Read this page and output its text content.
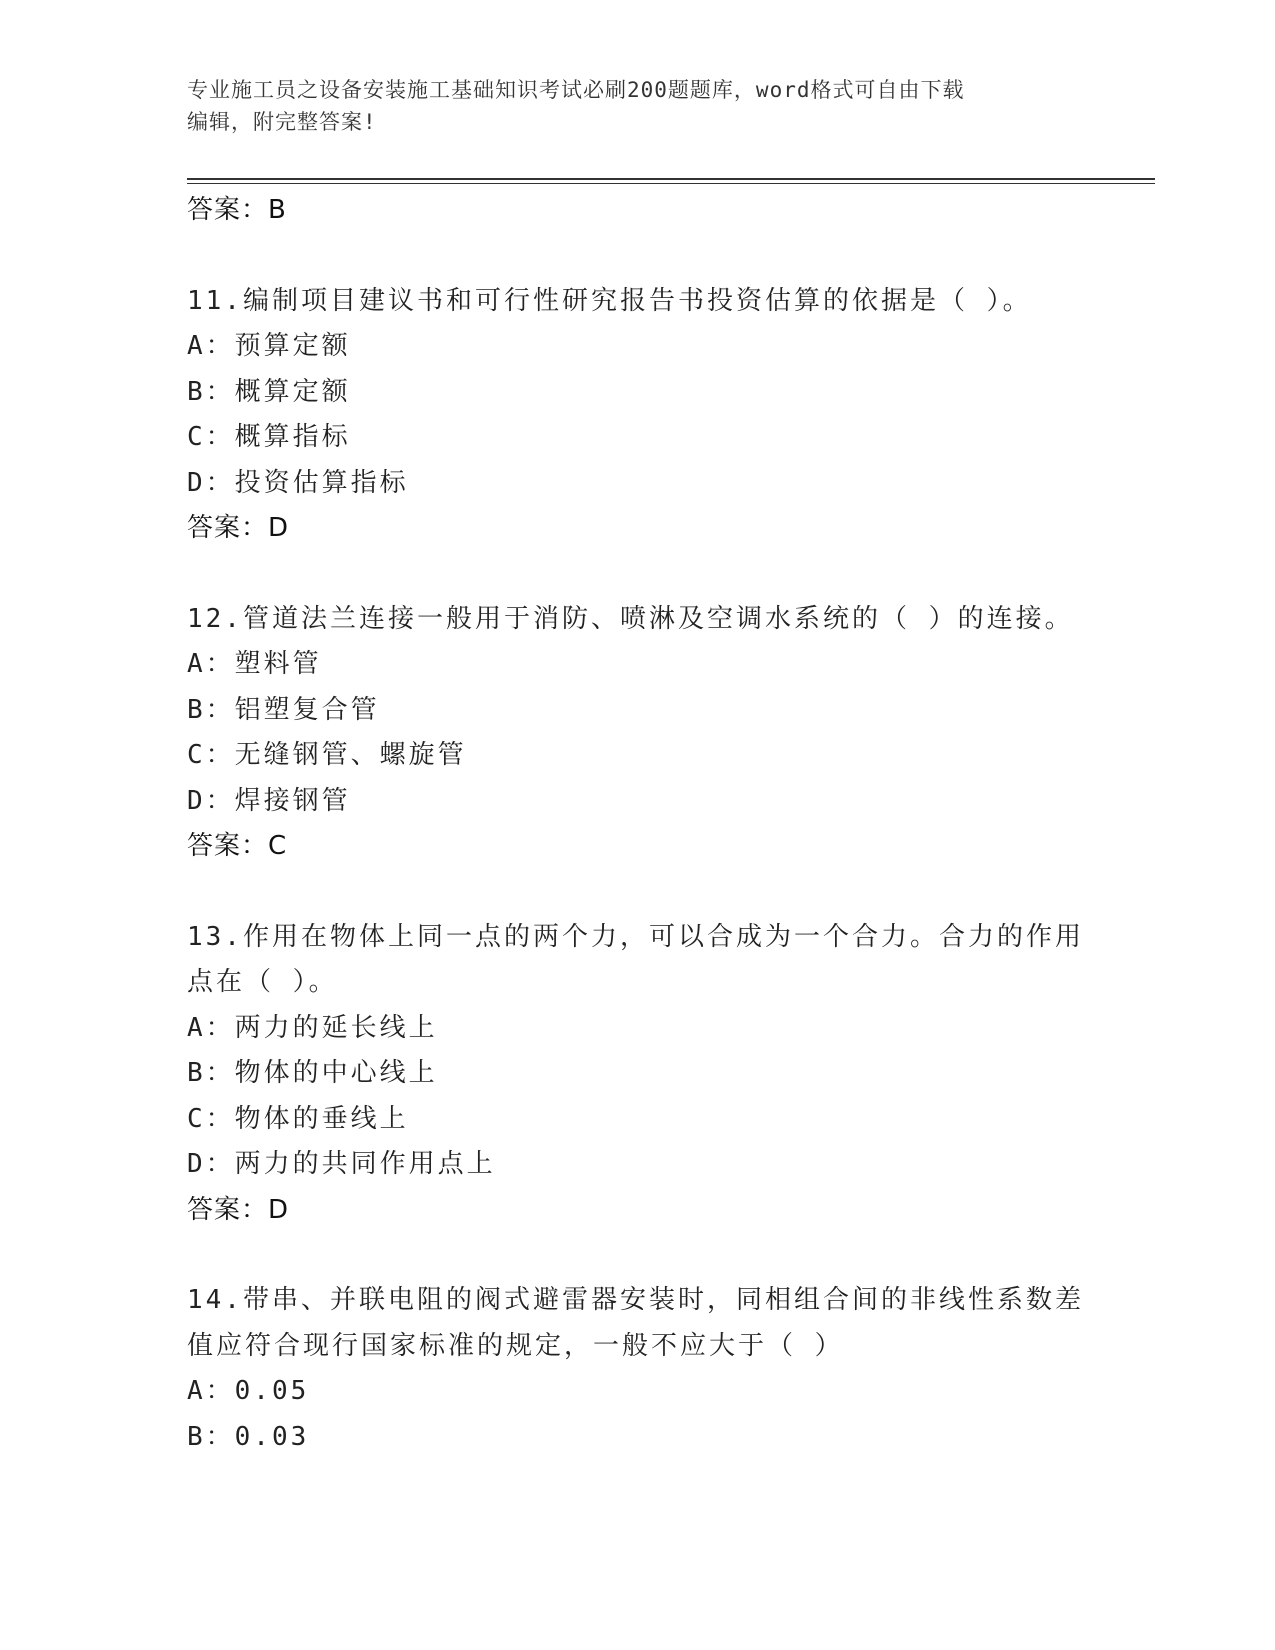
专业施工员之设备安装施工基础知识考试必刷200题题库，word格式可自由下载
编辑，附完整答案!
答案：B
11.编制项目建议书和可行性研究报告书投资估算的依据是（ ）。
A：预算定额
B：概算定额
C：概算指标
D：投资估算指标
答案：D
12.管道法兰连接一般用于消防、喷淋及空调水系统的（ ）的连接。
A：塑料管
B：铝塑复合管
C：无缝钢管、螺旋管
D：焊接钢管
答案：C
13.作用在物体上同一点的两个力，可以合成为一个合力。合力的作用
点在（ ）。
A：两力的延长线上
B：物体的中心线上
C：物体的垂线上
D：两力的共同作用点上
答案：D
14.带串、并联电阻的阀式避雷器安装时，同相组合间的非线性系数差
值应符合现行国家标准的规定，一般不应大于（ ）
A：0.05
B：0.03
